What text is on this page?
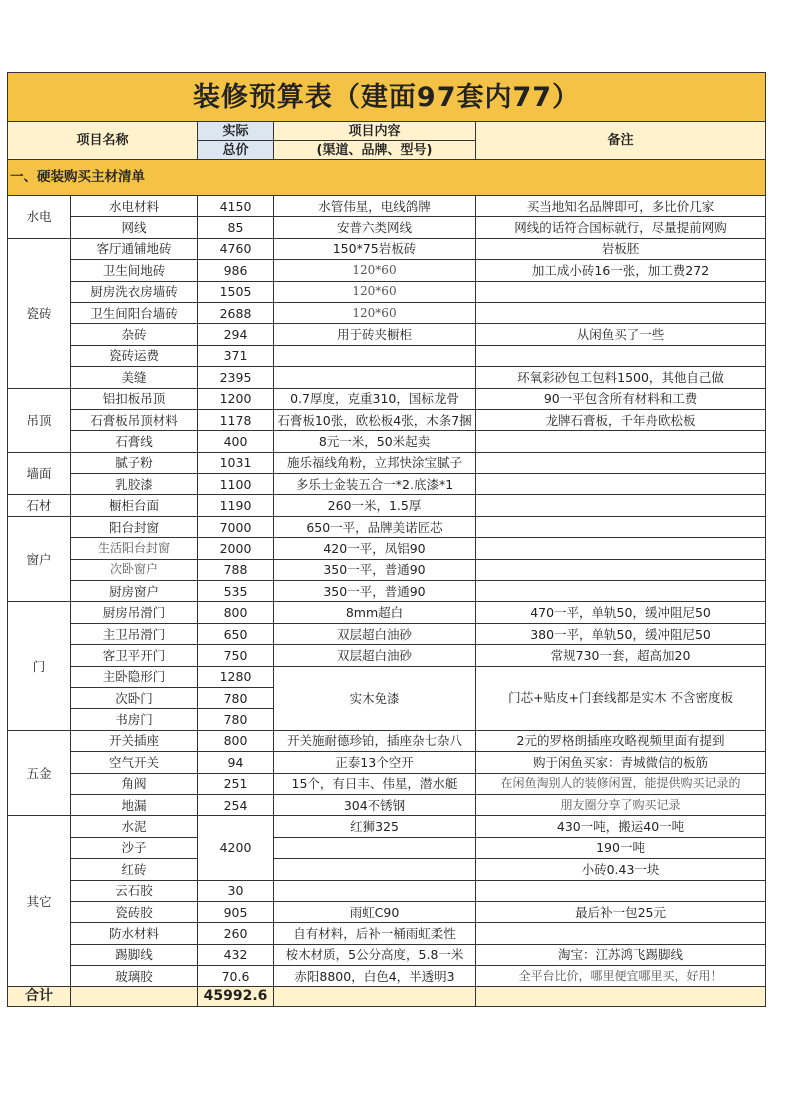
装修预算表（建面97套内77）				
项目名称		实际	项目内容	备注
		总价	(渠道、品牌、型号)	
一、硬装购买主材清单				
水电	水电材料	4150	水管伟星，电线鸽牌	买当地知名品牌即可，多比价几家
	网线	85	安普六类网线	网线的话符合国标就行，尽量提前网购
瓷砖	客厅通铺地砖	4760	150*75岩板砖	岩板胚
	卫生间地砖	986	120*60	加工成小砖16一张，加工费272
	厨房洗衣房墙砖	1505	120*60	
	卫生间阳台墙砖	2688	120*60	
	杂砖	294	用于砖夹橱柜	从闲鱼买了一些
	瓷砖运费	371		
	美缝	2395		环氧彩砂包工包料1500，其他自己做
吊顶	铝扣板吊顶	1200	0.7厚度，克重310，国标龙骨	90一平包含所有材料和工费
	石膏板吊顶材料	1178	石膏板10张，欧松板4张，木条7捆	龙牌石膏板，千年舟欧松板
	石膏线	400	8元一米，50米起卖	
墙面	腻子粉	1031	施乐福线角粉，立邦快涂宝腻子	
	乳胶漆	1100	多乐士金装五合一*2.底漆*1	
石材	橱柜台面	1190	260一米，1.5厚	
窗户	阳台封窗	7000	650一平，品牌美诺匠芯	
	生活阳台封窗	2000	420一平，凤铝90	
	次卧窗户	788	350一平，普通90	
	厨房窗户	535	350一平，普通90	
门	厨房吊滑门	800	8mm超白	470一平，单轨50，缓冲阻尼50
	主卫吊滑门	650	双层超白油砂	380一平，单轨50，缓冲阻尼50
	客卫平开门	750	双层超白油砂	常规730一套，超高加20
	主卧隐形门	1280	实木免漆	门芯+贴皮+门套线都是实木 不含密度板
	次卧门	780		
	书房门	780		
五金	开关插座	800	开关施耐德珍铂，插座杂七杂八	2元的罗格朗插座攻略视频里面有提到
	空气开关	94	正泰13个空开	购于闲鱼买家：青城微信的板筋
	角阀	251	15个，有日丰、伟星，潜水艇	在闲鱼淘别人的装修闲置，能提供购买记录的
	地漏	254	304不锈钢	朋友圈分享了购买记录
其它	水泥	4200	红狮325	430一吨，搬运40一吨
	沙子			190一吨
	红砖			小砖0.43一块
	云石胶	30		
	瓷砖胶	905	雨虹C90	最后补一包25元
	防水材料	260	自有材料，后补一桶雨虹柔性	
	踢脚线	432	桉木材质，5公分高度，5.8一米	淘宝：江苏鸿飞踢脚线
	玻璃胶	70.6	赤阳8800，白色4，半透明3	全平台比价，哪里便宜哪里买，好用！
合计		45992.6		
